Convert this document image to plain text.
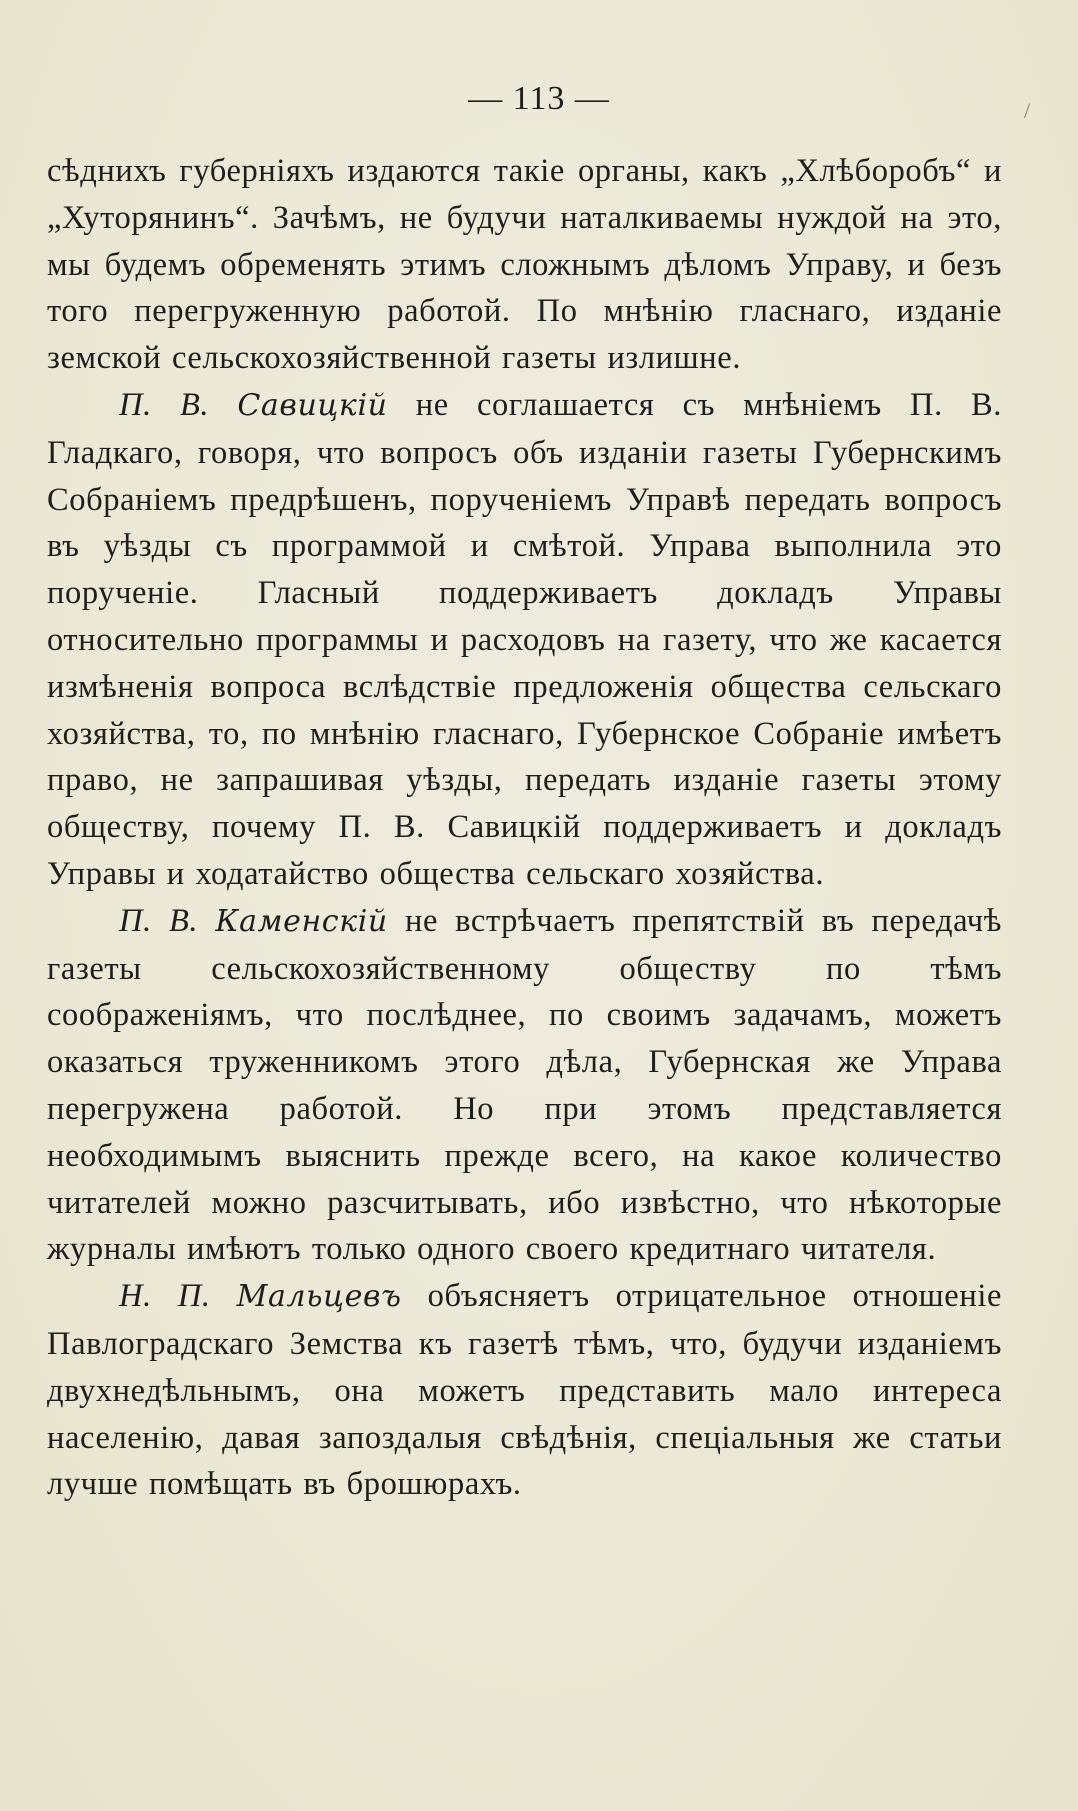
— 113 —	/

сѣднихъ губерніяхъ издаются такіе органы, какъ „Хлѣборобъ“ и „Хуторянинъ“. Зачѣмъ, не будучи наталкиваемы нуждой на это, мы будемъ обременять этимъ сложнымъ дѣломъ Управу, и безъ того перегруженную работой. По мнѣнію гласнаго, изданіе земской сельскохозяйственной газеты излишне.

П. В. Савицкій не соглашается съ мнѣніемъ П. В. Гладкаго, говоря, что вопросъ объ изданіи газеты Губернскимъ Собраніемъ предрѣшенъ, порученіемъ Управѣ передать вопросъ въ уѣзды съ программой и смѣтой. Управа выполнила это порученіе. Гласный поддерживаетъ докладъ Управы относительно программы и расходовъ на газету, что же касается измѣненія вопроса вслѣдствіе предложенія общества сельскаго хозяйства, то, по мнѣнію гласнаго, Губернское Собраніе имѣетъ право, не запрашивая уѣзды, передать изданіе газеты этому обществу, почему П. В. Савицкій поддерживаетъ и докладъ Управы и ходатайство общества сельскаго хозяйства.

П. В. Каменскій не встрѣчаетъ препятствій въ передачѣ газеты сельскохозяйственному обществу по тѣмъ соображеніямъ, что послѣднее, по своимъ задачамъ, можетъ оказаться труженникомъ этого дѣла, Губернская же Управа перегружена работой. Но при этомъ представляется необходимымъ выяснить прежде всего, на какое количество читателей можно разсчитывать, ибо извѣстно, что нѣкоторые журналы имѣютъ только одного своего кредитнаго читателя.

Н. П. Мальцевъ объясняетъ отрицательное отношеніе Павлоградскаго Земства къ газетѣ тѣмъ, что, будучи изданіемъ двухнедѣльнымъ, она можетъ представить мало интереса населенію, давая запоздалыя свѣдѣнія, спеціальныя же статьи лучше помѣщать въ брошюрахъ.
